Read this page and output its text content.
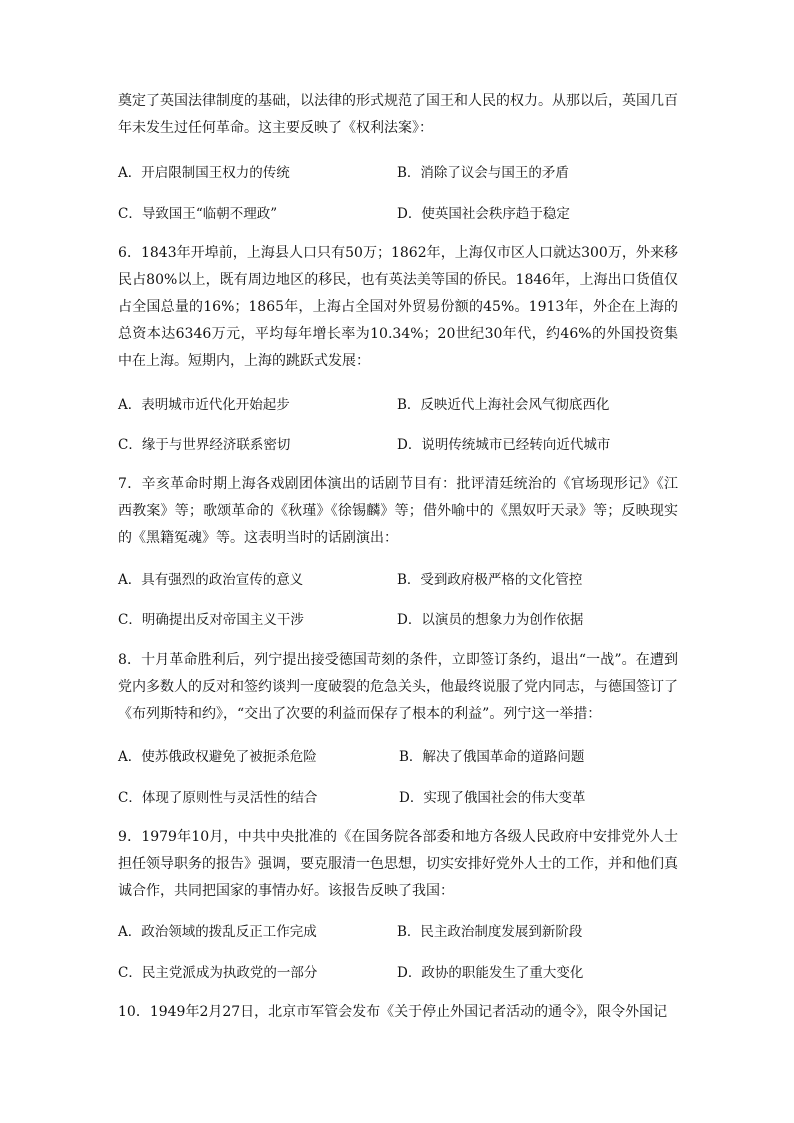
奠定了英国法律制度的基础，以法律的形式规范了国王和人民的权力。从那以后，英国几百年未发生过任何革命。这主要反映了《权利法案》：

A．开启限制国王权力的传统	B．消除了议会与国王的矛盾
C．导致国王“临朝不理政”	D．使英国社会秩序趋于稳定

6．1843年开埠前，上海县人口只有50万；1862年，上海仅市区人口就达300万，外来移民占80%以上，既有周边地区的移民，也有英法美等国的侨民。1846年，上海出口货值仅占全国总量的16%；1865年，上海占全国对外贸易份额的45%。1913年，外企在上海的总资本达6346万元，平均每年增长率为10.34%；20世纪30年代，约46%的外国投资集中在上海。短期内，上海的跳跃式发展：

A．表明城市近代化开始起步	B．反映近代上海社会风气彻底西化
C．缘于与世界经济联系密切	D．说明传统城市已经转向近代城市

7．辛亥革命时期上海各戏剧团体演出的话剧节目有：批评清廷统治的《官场现形记》《江西教案》等；歌颂革命的《秋瑾》《徐锡麟》等；借外喻中的《黑奴吁天录》等；反映现实的《黑籍冤魂》等。这表明当时的话剧演出：

A．具有强烈的政治宣传的意义	B．受到政府极严格的文化管控
C．明确提出反对帝国主义干涉	D．以演员的想象力为创作依据

8．十月革命胜利后，列宁提出接受德国苛刻的条件，立即签订条约，退出“一战”。在遭到党内多数人的反对和签约谈判一度破裂的危急关头，他最终说服了党内同志，与德国签订了《布列斯特和约》，“交出了次要的利益而保存了根本的利益”。列宁这一举措：

A．使苏俄政权避免了被扼杀危险	B．解决了俄国革命的道路问题
C．体现了原则性与灵活性的结合	D．实现了俄国社会的伟大变革

9．1979年10月，中共中央批准的《在国务院各部委和地方各级人民政府中安排党外人士担任领导职务的报告》强调，要克服清一色思想，切实安排好党外人士的工作，并和他们真诚合作，共同把国家的事情办好。该报告反映了我国：

A．政治领域的拨乱反正工作完成	B．民主政治制度发展到新阶段
C．民主党派成为执政党的一部分	D．政协的职能发生了重大变化

10．1949年2月27日，北京市军管会发布《关于停止外国记者活动的通令》，限令外国记
